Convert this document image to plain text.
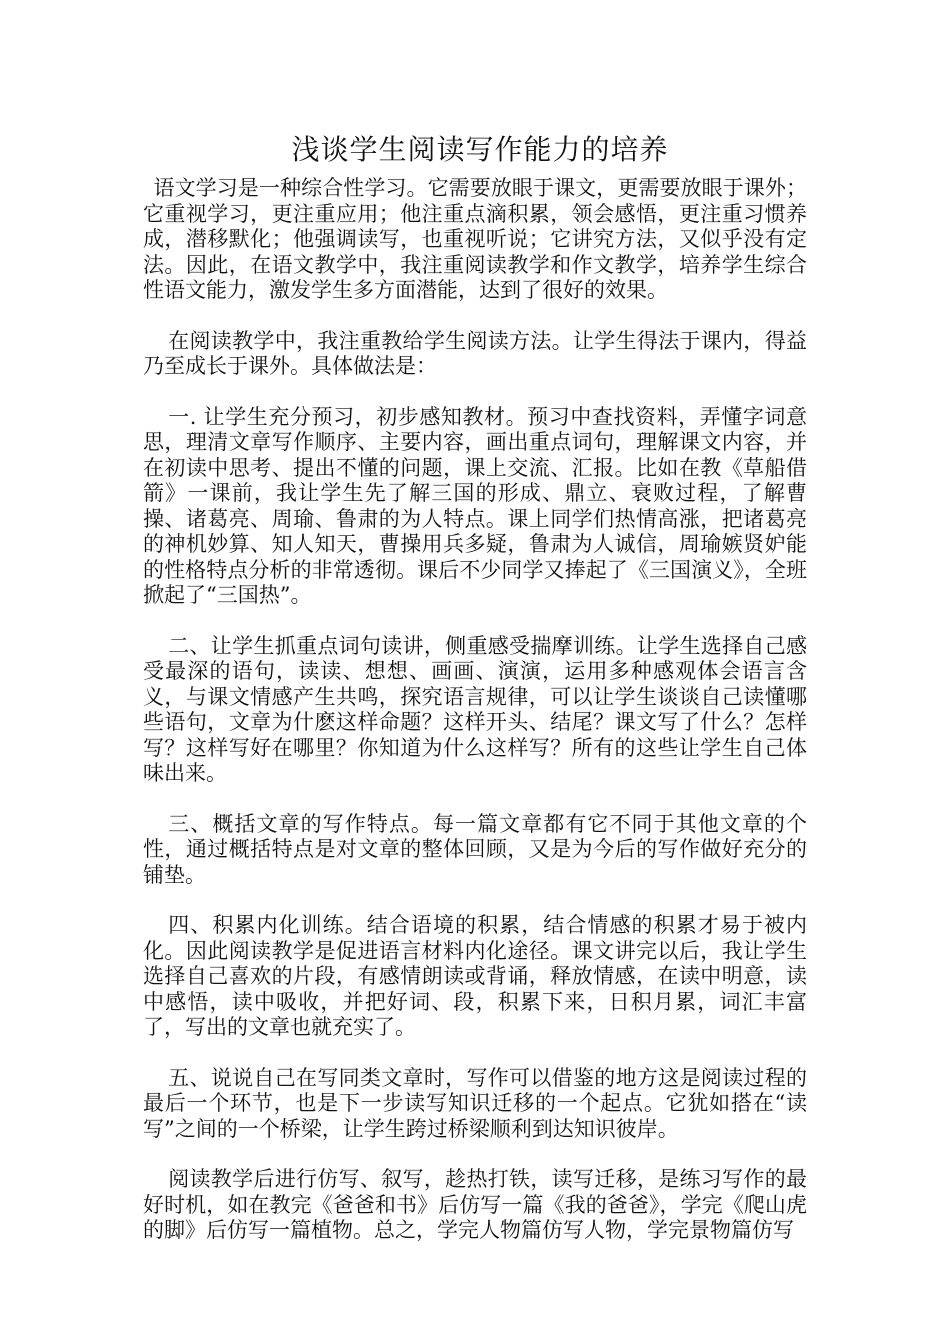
浅谈学生阅读写作能力的培养

语文学习是一种综合性学习。它需要放眼于课文，更需要放眼于课外；它重视学习，更注重应用；他注重点滴积累，领会感悟，更注重习惯养成，潜移默化；他强调读写，也重视听说；它讲究方法，又似乎没有定法。因此，在语文教学中，我注重阅读教学和作文教学，培养学生综合性语文能力，激发学生多方面潜能，达到了很好的效果。

在阅读教学中，我注重教给学生阅读方法。让学生得法于课内，得益乃至成长于课外。具体做法是：

一. 让学生充分预习，初步感知教材。预习中查找资料，弄懂字词意思，理清文章写作顺序、主要内容，画出重点词句，理解课文内容，并在初读中思考、提出不懂的问题，课上交流、汇报。比如在教《草船借箭》一课前，我让学生先了解三国的形成、鼎立、衰败过程，了解曹操、诸葛亮、周瑜、鲁肃的为人特点。课上同学们热情高涨，把诸葛亮的神机妙算、知人知天，曹操用兵多疑，鲁肃为人诚信，周瑜嫉贤妒能的性格特点分析的非常透彻。课后不少同学又捧起了《三国演义》，全班掀起了“三国热”。

二、让学生抓重点词句读讲，侧重感受揣摩训练。让学生选择自己感受最深的语句，读读、想想、画画、演演，运用多种感观体会语言含义，与课文情感产生共鸣，探究语言规律，可以让学生谈谈自己读懂哪些语句，文章为什麽这样命题？这样开头、结尾？课文写了什么？怎样写？这样写好在哪里？你知道为什么这样写？所有的这些让学生自己体味出来。

三、概括文章的写作特点。每一篇文章都有它不同于其他文章的个性，通过概括特点是对文章的整体回顾，又是为今后的写作做好充分的铺垫。

四、积累内化训练。结合语境的积累，结合情感的积累才易于被内化。因此阅读教学是促进语言材料内化途径。课文讲完以后，我让学生选择自己喜欢的片段，有感情朗读或背诵，释放情感，在读中明意，读中感悟，读中吸收，并把好词、段，积累下来，日积月累，词汇丰富了，写出的文章也就充实了。

五、说说自己在写同类文章时，写作可以借鉴的地方这是阅读过程的最后一个环节，也是下一步读写知识迁移的一个起点。它犹如搭在“读写”之间的一个桥梁，让学生跨过桥梁顺利到达知识彼岸。

阅读教学后进行仿写、叙写，趁热打铁，读写迁移，是练习写作的最好时机，如在教完《爸爸和书》后仿写一篇《我的爸爸》，学完《爬山虎的脚》后仿写一篇植物。总之，学完人物篇仿写人物，学完景物篇仿写
